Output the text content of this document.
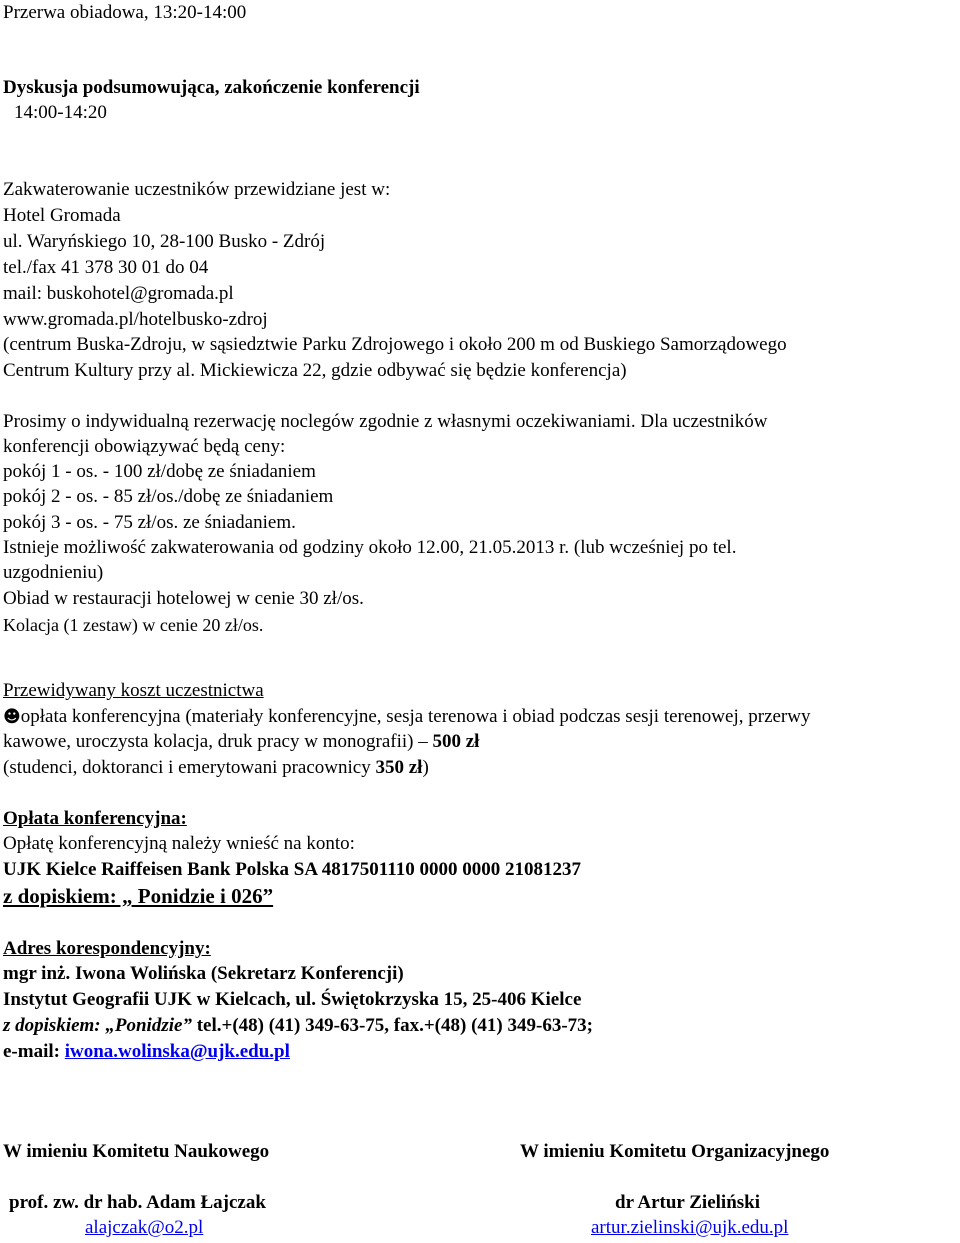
Przerwa obiadowa, 13:20-14:00
Dyskusja podsumowująca, zakończenie konferencji
14:00-14:20
Zakwaterowanie uczestników przewidziane jest w:
Hotel Gromada
ul. Waryńskiego 10, 28-100 Busko - Zdrój
tel./fax 41 378 30 01 do 04
mail: buskohotel@gromada.pl
www.gromada.pl/hotelbusko-zdroj
(centrum Buska-Zdroju, w sąsiedztwie Parku Zdrojowego i około 200 m od Buskiego Samorządowego
Centrum Kultury przy al. Mickiewicza 22, gdzie odbywać się będzie konferencja)
Prosimy o indywidualną rezerwację noclegów zgodnie z własnymi oczekiwaniami. Dla uczestników
konferencji obowiązywać będą ceny:
pokój 1 - os. - 100 zł/dobę ze śniadaniem
pokój 2 - os. - 85 zł/os./dobę ze śniadaniem
pokój 3 - os. - 75 zł/os. ze śniadaniem.
Istnieje możliwość zakwaterowania od godziny około 12.00, 21.05.2013 r. (lub wcześniej po tel.
uzgodnieniu)
Obiad w restauracji hotelowej w cenie 30 zł/os.
Kolacja (1 zestaw) w cenie 20 zł/os.
Przewidywany koszt uczestnictwa
☻opłata konferencyjna (materiały konferencyjne, sesja terenowa i obiad podczas sesji terenowej, przerwy
kawowe, uroczysta kolacja, druk pracy w monografii) – 500 zł
(studenci, doktoranci i emerytowani pracownicy 350 zł)
Opłata konferencyjna:
Opłatę konferencyjną należy wnieść na konto:
UJK Kielce Raiffeisen Bank Polska SA 4817501110 0000 0000 21081237
z dopiskiem: „ Ponidzie i 026”
Adres korespondencyjny:
mgr inż. Iwona Wolińska (Sekretarz Konferencji)
Instytut Geografii UJK w Kielcach, ul. Świętokrzyska 15, 25-406 Kielce
z dopiskiem: „Ponidzie” tel.+(48) (41) 349-63-75, fax.+(48) (41) 349-63-73;
e-mail: iwona.wolinska@ujk.edu.pl
W imieniu Komitetu Naukowego	W imieniu Komitetu Organizacyjnego
prof. zw. dr hab. Adam Łajczak	dr Artur Zieliński
alajczak@o2.pl	artur.zielinski@ujk.edu.pl
